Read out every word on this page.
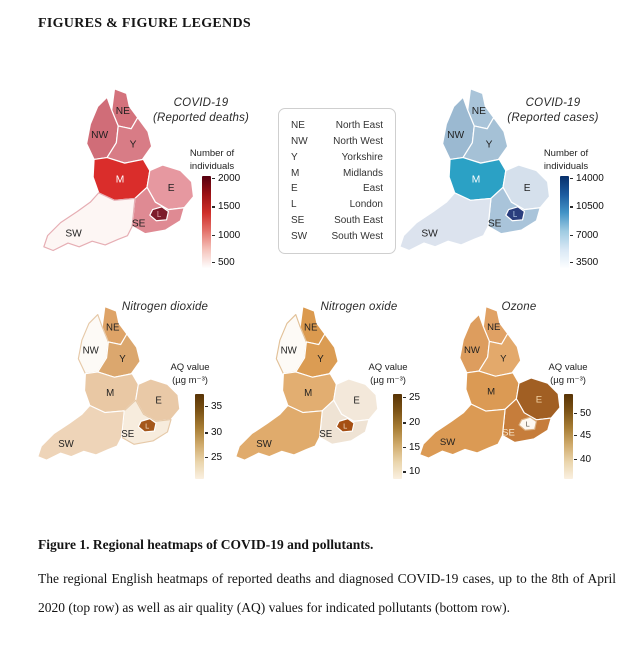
FIGURES & FIGURE LEGENDS
NE
NW
Y
M
E
SE
SW
L
COVID-19
(Reported deaths)
Number of
individuals
2000
1500
1000
500
NE	North East
NW	North West
Y	Yorkshire
M	Midlands
E	East
L	London
SE	South East
SW South West
NE
NW
Y
M
E
SE
SW
L
COVID-19
(Reported cases)
Number of
individuals
14000
10500
7000
3500
NE
NW
Y
M
E
SE
SW
L
Nitrogen dioxide
AQ value
(µg m⁻³)
35
30
25
NE
NW
Y
M
E
SE
SW
L
Nitrogen oxide
AQ value
(µg m⁻³)
25
20
15
10
NE
NW
Y
M
E
SE
SW
L
Ozone
AQ value
(µg m⁻³)
50
45
40

Figure 1. Regional heatmaps of COVID-19 and pollutants.

The regional English heatmaps of reported deaths and diagnosed COVID-19 cases, up to the 8th of April 2020 (top row) as well as air quality (AQ) values for indicated pollutants (bottom row).
